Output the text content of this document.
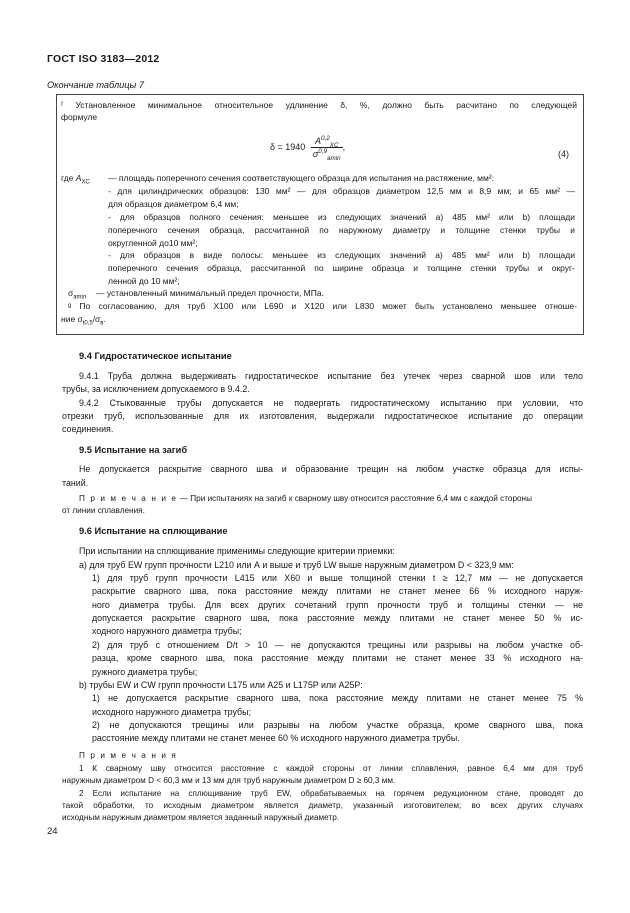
ГОСТ ISO 3183—2012
Окончание таблицы 7
ᶠ Установленное минимальное относительное удлинение δ, %, должно быть расчитано по следующей
формуле
$\delta = 1940 \frac{A^{0,2}_{XC}}{\sigma^{0,9}_{amin}}$ ,
(4)
где $A_{XC}$ — площадь поперечного сечения соответствующего образца для испытания на растяжение, мм²:
- для цилиндрических образцов: 130 мм² — для образцов диаметром 12,5 мм и 8,9 мм; и 65 мм² —
для образцов диаметром 6,4 мм;
- для образцов полного сечения: меньшее из следующих значений а) 485 мм² или b) площади
поперечного сечения образца, рассчитанной по наружному диаметру и толщине стенки трубы и
округленной до10 мм²;
- для образцов в виде полосы: меньшее из следующих значений а) 485 мм² или b) площади
поперечного сечения образца, рассчитанной по ширине образца и толщине стенки трубы и округ-
ленной до 10 мм²;
$\sigma_{amin}$ — установленный минимальный предел прочности, МПа.
ᵍ По согласованию, для труб X100 или L690 и X120 или L830 может быть установлено меньшее отноше-
ние $\sigma_{t0,5}/\sigma_в$.
9.4 Гидростатическое испытание
9.4.1 Труба должна выдерживать гидростатическое испытание без утечек через сварной шов или тело
трубы, за исключением допускаемого в 9.4.2.
9.4.2 Стыкованные трубы допускается не подвергать гидростатическому испытанию при условии, что
отрезки труб, использованные для их изготовления, выдержали гидростатическое испытание до операции
соединения.
9.5 Испытание на загиб
Не допускается раскрытие сварного шва и образование трещин на любом участке образца для испы-
таний.
П р и м е ч а н и е — При испытаниях на загиб к сварному шву относится расстояние 6,4 мм с каждой стороны
от линии сплавления.
9.6 Испытание на сплющивание
При испытании на сплющивание применимы следующие критерии приемки:
a) для труб EW групп прочности L210 или А и выше и труб LW выше наружным диаметром D < 323,9 мм:
1) для труб групп прочности L415 или X60 и выше толщиной стенки t ≥ 12,7 мм — не допускается
раскрытие сварного шва, пока расстояние между плитами не станет менее 66 % исходного наруж-
ного диаметра трубы. Для всех других сочетаний групп прочности труб и толщины стенки — не
допускается раскрытие сварного шва, пока расстояние между плитами не станет менее 50 % ис-
ходного наружного диаметра трубы;
2) для труб с отношением D/t > 10 — не допускаются трещины или разрывы на любом участке об-
разца, кроме сварного шва, пока расстояние между плитами не станет менее 33 % исходного на-
ружного диаметра трубы;
b) трубы EW и CW групп прочности L175 или A25 и L175P или A25P:
1) не допускается раскрытие сварного шва, пока расстояние между плитами не станет менее 75 %
исходного наружного диаметра трубы;
2) не допускаются трещины или разрывы на любом участке образца, кроме сварного шва, пока
расстояние между плитами не станет менее 60 % исходного наружного диаметра трубы.
П р и м е ч а н и я
1 К сварному шву относится расстояние с каждой стороны от линии сплавления, равное 6,4 мм для труб
наружным диаметром D < 60,3 мм и 13 мм для труб наружным диаметром D ≥ 60,3 мм.
2 Если испытание на сплющивание труб EW, обрабатываемых на горячем редукционном стане, проводят до
такой обработки, то исходным диаметром является диаметр, указанный изготовителем; во всех других случаях
исходным наружным диаметром является заданный наружный диаметр.
24
